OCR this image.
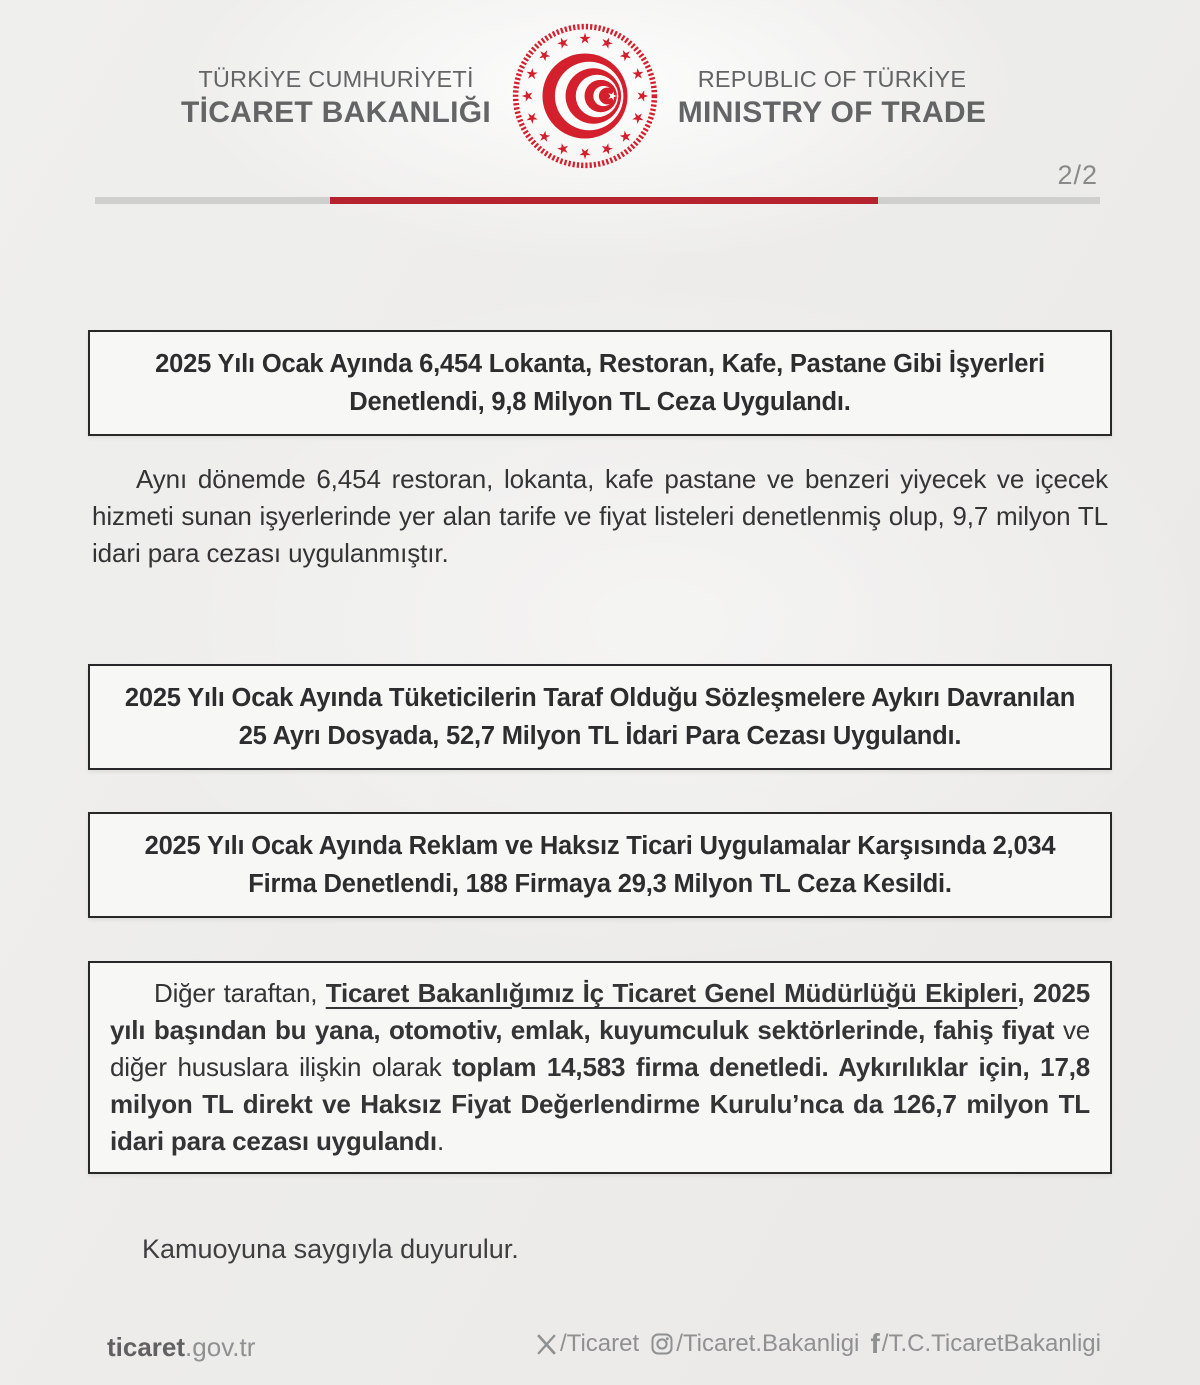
TÜRKİYE CUMHURİYETİ
TİCARET BAKANLIĞI
REPUBLIC OF TÜRKİYE
MINISTRY OF TRADE
2/2
2025 Yılı Ocak Ayında 6,454 Lokanta, Restoran, Kafe, Pastane Gibi İşyerleri Denetlendi, 9,8 Milyon TL Ceza Uygulandı.

Aynı dönemde 6,454 restoran, lokanta, kafe pastane ve benzeri yiyecek ve içecek hizmeti sunan işyerlerinde yer alan tarife ve fiyat listeleri denetlenmiş olup, 9,7 milyon TL idari para cezası uygulanmıştır.

2025 Yılı Ocak Ayında Tüketicilerin Taraf Olduğu Sözleşmelere Aykırı Davranılan 25 Ayrı Dosyada, 52,7 Milyon TL İdari Para Cezası Uygulandı.
2025 Yılı Ocak Ayında Reklam ve Haksız Ticari Uygulamalar Karşısında 2,034 Firma Denetlendi, 188 Firmaya 29,3 Milyon TL Ceza Kesildi.
Diğer taraftan, Ticaret Bakanlığımız İç Ticaret Genel Müdürlüğü Ekipleri, 2025 yılı başından bu yana, otomotiv, emlak, kuyumculuk sektörlerinde, fahiş fiyat ve diğer hususlara ilişkin olarak toplam 14,583 firma denetledi. Aykırılıklar için, 17,8 milyon TL direkt ve Haksız Fiyat Değerlendirme Kurulu’nca da 126,7 milyon TL idari para cezası uygulandı.
Kamuoyuna saygıyla duyurulur.
ticaret.gov.tr	/Ticaret /Ticaret.Bakanligi f /T.C.TicaretBakanligi
